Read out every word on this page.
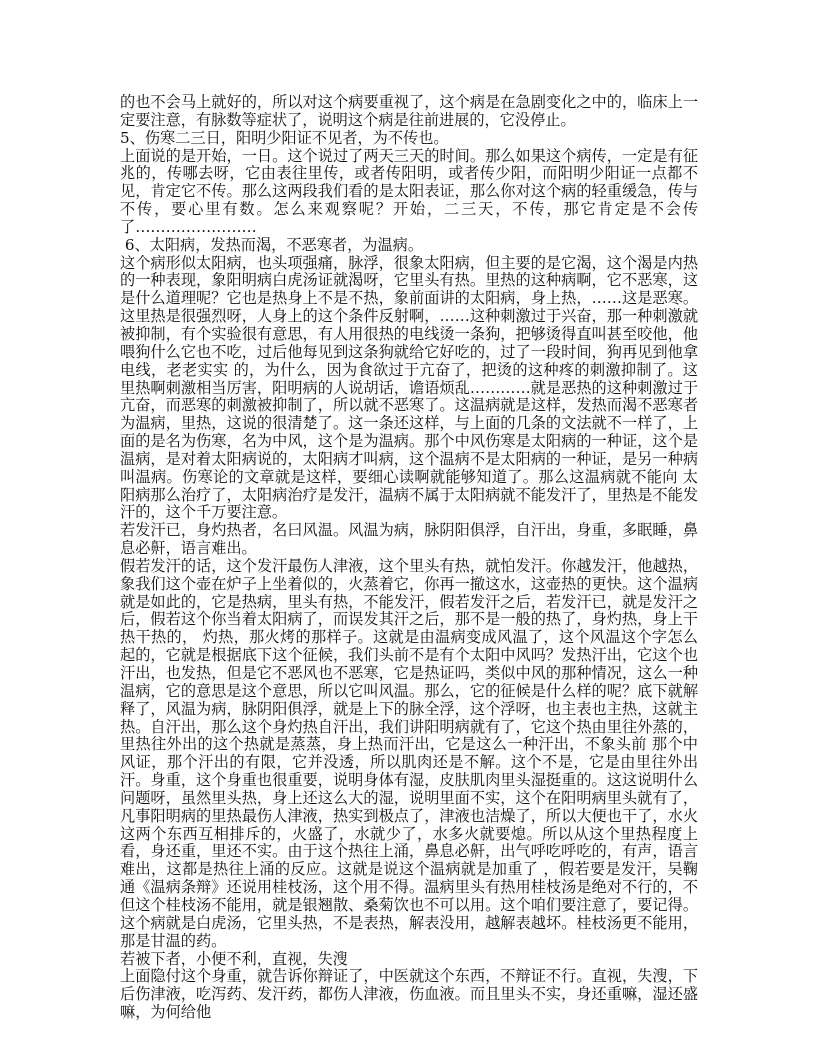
的也不会马上就好的，所以对这个病要重视了，这个病是在急剧变化之中的，临床上一定要注意，有脉数等症状了，说明这个病是往前进展的，它没停止。

5、伤寒二三日，阳明少阳证不见者，为不传也。

上面说的是开始，一日。这个说过了两天三天的时间。那么如果这个病传，一定是有征兆的，传哪去呀，它由表往里传，或者传阳明，或者传少阳，而阳明少阳证一点都不见，肯定它不传。那么这两段我们看的是太阳表证，那么你对这个病的轻重缓急，传与不传，要心里有数。怎么来观察呢？开始，二三天，不传，那它肯定是不会传了……………………

6、太阳病，发热而渴，不恶寒者，为温病。

这个病形似太阳病，也头项强痛，脉浮，很象太阳病，但主要的是它渴，这个渴是内热的一种表现，象阳明病白虎汤证就渴呀，它里头有热。里热的这种病啊，它不恶寒，这是什么道理呢？它也是热身上不是不热，象前面讲的太阳病，身上热，……这是恶寒。这里热是很强烈呀，人身上的这个条件反射啊，……这种刺激过于兴奋，那一种刺激就被抑制，有个实验很有意思，有人用很热的电线烫一条狗，把够烫得直叫甚至咬他，他喂狗什么它也不吃，过后他每见到这条狗就给它好吃的，过了一段时间，狗再见到他拿电线，老老实实 的，为什么，因为食欲过于亢奋了，把烫的这种疼的刺激抑制了。这里热啊刺激相当厉害，阳明病的人说胡话，谵语烦乱…………就是恶热的这种刺激过于亢奋，而恶寒的刺激被抑制了，所以就不恶寒了。这温病就是这样，发热而渴不恶寒者为温病，里热，这说的很清楚了。这一条还这样，与上面的几条的文法就不一样了，上面的是名为伤寒，名为中风，这个是为温病。那个中风伤寒是太阳病的一种证，这个是温病，是对着太阳病说的，太阳病才叫病，这个温病不是太阳病的一种证，是另一种病叫温病。伤寒论的文章就是这样，要细心读啊就能够知道了。那么这温病就不能向 太阳病那么治疗了，太阳病治疗是发汗，温病不属于太阳病就不能发汗了，里热是不能发汗的，这个千万要注意。

若发汗已，身灼热者，名曰风温。风温为病，脉阴阳俱浮，自汗出，身重，多眠睡，鼻息必鼾，语言难出。

假若发汗的话，这个发汗最伤人津液，这个里头有热，就怕发汗。你越发汗，他越热，象我们这个壶在炉子上坐着似的，火蒸着它，你再一撤这水，这壶热的更快。这个温病就是如此的，它是热病，里头有热，不能发汗，假若发汗之后，若发汗已，就是发汗之后，假若这个你当着太阳病了，而误发其汗之后，那不是一般的热了，身灼热，身上干热干热的， 灼热，那火烤的那样子。这就是由温病变成风温了，这个风温这个字怎么起的，它就是根据底下这个征候，我们头前不是有个太阳中风吗？发热汗出，它这个也汗出，也发热，但是它不恶风也不恶寒，它是热证吗，类似中风的那种情况，这么一种温病，它的意思是这个意思，所以它叫风温。那么，它的征候是什么样的呢？底下就解释了，风温为病，脉阴阳俱浮，就是上下的脉全浮，这个浮呀，也主表也主热，这就主热。自汗出，那么这个身灼热自汗出，我们讲阳明病就有了，它这个热由里往外蒸的，里热往外出的这个热就是蒸蒸，身上热而汗出，它是这么一种汗出，不象头前 那个中风证，那个汗出的有限，它并没透，所以肌肉还是不解。这个不是，它是由里往外出汗。身重，这个身重也很重要，说明身体有湿，皮肤肌肉里头湿挺重的。这这说明什么问题呀，虽然里头热，身上还这么大的湿，说明里面不实，这个在阳明病里头就有了，凡事阳明病的里热最伤人津液，热实到极点了，津液也洁燥了，所以大便也干了，水火这两个东西互相排斥的，火盛了，水就少了，水多火就要熄。所以从这个里热程度上看，身还重，里还不实。由于这个热往上涌，鼻息必鼾，出气呼吃呼吃的，有声，语言难出，这都是热往上涌的反应。这就是说这个温病就是加重了 ，假若要是发汗，吴鞠通《温病条辩》还说用桂枝汤，这个用不得。温病里头有热用桂枝汤是绝对不行的，不但这个桂枝汤不能用，就是银翘散、桑菊饮也不可以用。这个咱们要注意了，要记得。这个病就是白虎汤，它里头热，不是表热，解表没用，越解表越坏。桂枝汤更不能用，那是甘温的药。

若被下者，小便不利，直视，失溲

上面隐付这个身重，就告诉你辩证了，中医就这个东西，不辩证不行。直视，失溲，下后伤津液，吃泻药、发汗药，都伤人津液，伤血液。而且里头不实，身还重嘛，湿还盛嘛，为何给他
